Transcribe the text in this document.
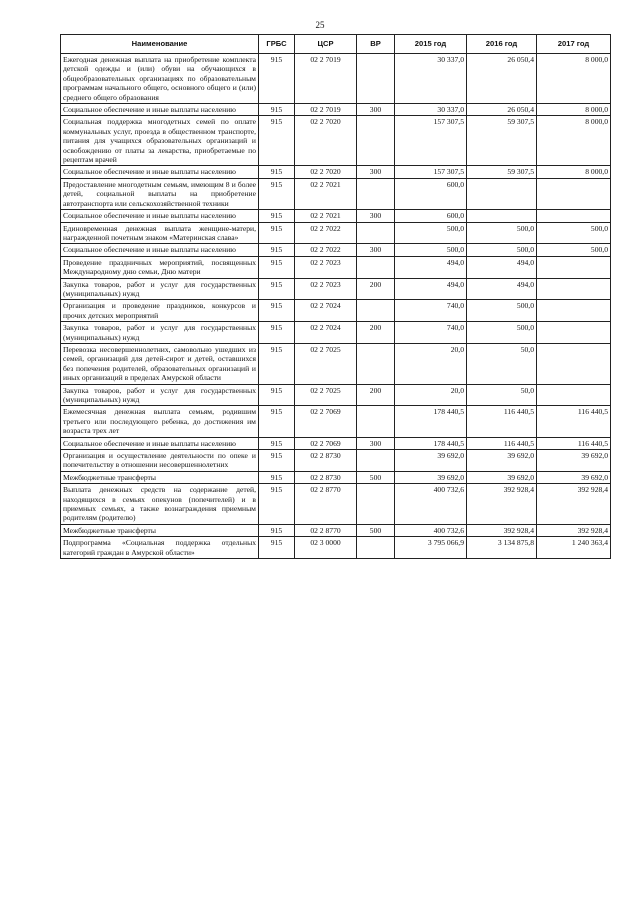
25
Наименование	ГРБС	ЦСР	ВР	2015 год	2016 год	2017 год
Ежегодная денежная выплата на приобретение комплекта детской одежды и (или) обуви на обучающихся в общеобразовательных организациях по образовательным программам начального общего, основного общего и (или) среднего общего образования	915	02 2 7019		30 337,0	26 050,4	8 000,0
Социальное обеспечение и иные выплаты населению	915	02 2 7019	300	30 337,0	26 050,4	8 000,0
Социальная поддержка многодетных семей по оплате коммунальных услуг, проезда в общественном транспорте, питания для учащихся образовательных организаций и освобождению от платы за лекарства, приобретаемые по рецептам врачей	915	02 2 7020		157 307,5	59 307,5	8 000,0
Социальное обеспечение и иные выплаты населению	915	02 2 7020	300	157 307,5	59 307,5	8 000,0
Предоставление многодетным семьям, имеющим 8 и более детей, социальной выплаты на приобретение автотранспорта или сельскохозяйственной техники	915	02 2 7021		600,0		
Социальное обеспечение и иные выплаты населению	915	02 2 7021	300	600,0		
Единовременная денежная выплата женщине-матери, награжденной почетным знаком «Материнская слава»	915	02 2 7022		500,0	500,0	500,0
Социальное обеспечение и иные выплаты населению	915	02 2 7022	300	500,0	500,0	500,0
Проведение праздничных мероприятий, посвященных Международному дню семьи, Дню матери	915	02 2 7023		494,0	494,0	
Закупка товаров, работ и услуг для государственных (муниципальных) нужд	915	02 2 7023	200	494,0	494,0	
Организация и проведение праздников, конкурсов и прочих детских мероприятий	915	02 2 7024		740,0	500,0	
Закупка товаров, работ и услуг для государственных (муниципальных) нужд	915	02 2 7024	200	740,0	500,0	
Перевозка несовершеннолетних, самовольно ушедших из семей, организаций для детей-сирот и детей, оставшихся без попечения родителей, образовательных организаций и иных организаций в пределах Амурской области	915	02 2 7025		20,0	50,0	
Закупка товаров, работ и услуг для государственных (муниципальных) нужд	915	02 2 7025	200	20,0	50,0	
Ежемесячная денежная выплата семьям, родившим третьего или последующего ребенка, до достижения им возраста трех лет	915	02 2 7069		178 440,5	116 440,5	116 440,5
Социальное обеспечение и иные выплаты населению	915	02 2 7069	300	178 440,5	116 440,5	116 440,5
Организация и осуществление деятельности по опеке и попечительству в отношении несовершеннолетних	915	02 2 8730		39 692,0	39 692,0	39 692,0
Межбюджетные трансферты	915	02 2 8730	500	39 692,0	39 692,0	39 692,0
Выплата денежных средств на содержание детей, находящихся в семьях опекунов (попечителей) и в приемных семьях, а также вознаграждения приемным родителям (родителю)	915	02 2 8770		400 732,6	392 928,4	392 928,4
Межбюджетные трансферты	915	02 2 8770	500	400 732,6	392 928,4	392 928,4
Подпрограмма «Социальная поддержка отдельных категорий граждан в Амурской области»	915	02 3 0000		3 795 066,9	3 134 875,8	1 240 363,4
